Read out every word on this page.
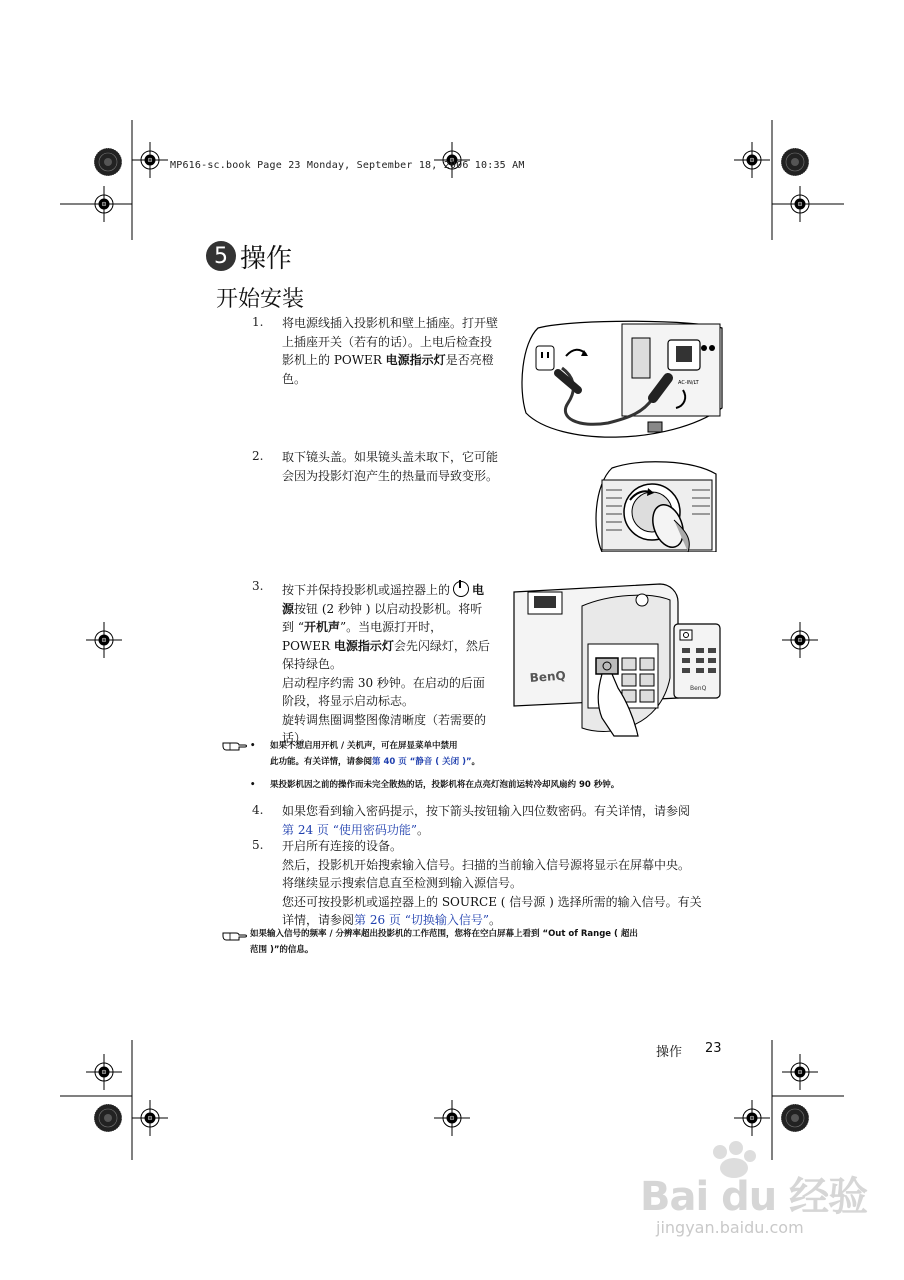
MP616-sc.book Page 23 Monday, September 18, 2006 10:35 AM
5 操作
开始安装
1. 将电源线插入投影机和壁上插座。打开壁
上插座开关（若有的话）。上电后检查投
影机上的 POWER 电源指示灯是否亮橙
色。	AC-IN/LT
2. 取下镜头盖。如果镜头盖未取下，它可能
会因为投影灯泡产生的热量而导致变形。
3. 按下并保持投影机或遥控器上的 电
源按钮 (2 秒钟 ) 以启动投影机。将听
到 “开机声”。当电源打开时，
POWER 电源指示灯会先闪绿灯，然后
保持绿色。
启动程序约需 30 秒钟。在启动的后面
阶段，将显示启动标志。
旋转调焦圈调整图像清晰度（若需要的
话）。
BenQ
BenQ
• 如果不想启用开机 / 关机声，可在屏显菜单中禁用
此功能。有关详情，请参阅第 40 页 “静音 ( 关闭 )”。
• 果投影机因之前的操作而未完全散热的话，投影机将在点亮灯泡前运转冷却风扇约 90 秒钟。
4. 如果您看到输入密码提示，按下箭头按钮输入四位数密码。有关详情，请参阅
第 24 页 “使用密码功能”。
5. 开启所有连接的设备。
然后，投影机开始搜索输入信号。扫描的当前输入信号源将显示在屏幕中央。
将继续显示搜索信息直至检测到输入源信号。
您还可按投影机或遥控器上的 SOURCE ( 信号源 ) 选择所需的输入信号。有关
详情，请参阅第 26 页 “切换输入信号”。
如果输入信号的频率 / 分辨率超出投影机的工作范围，您将在空白屏幕上看到 “Out of Range ( 超出
范围 )”的信息。
操作 23
Bai du 经验
jingyan.baidu.com
